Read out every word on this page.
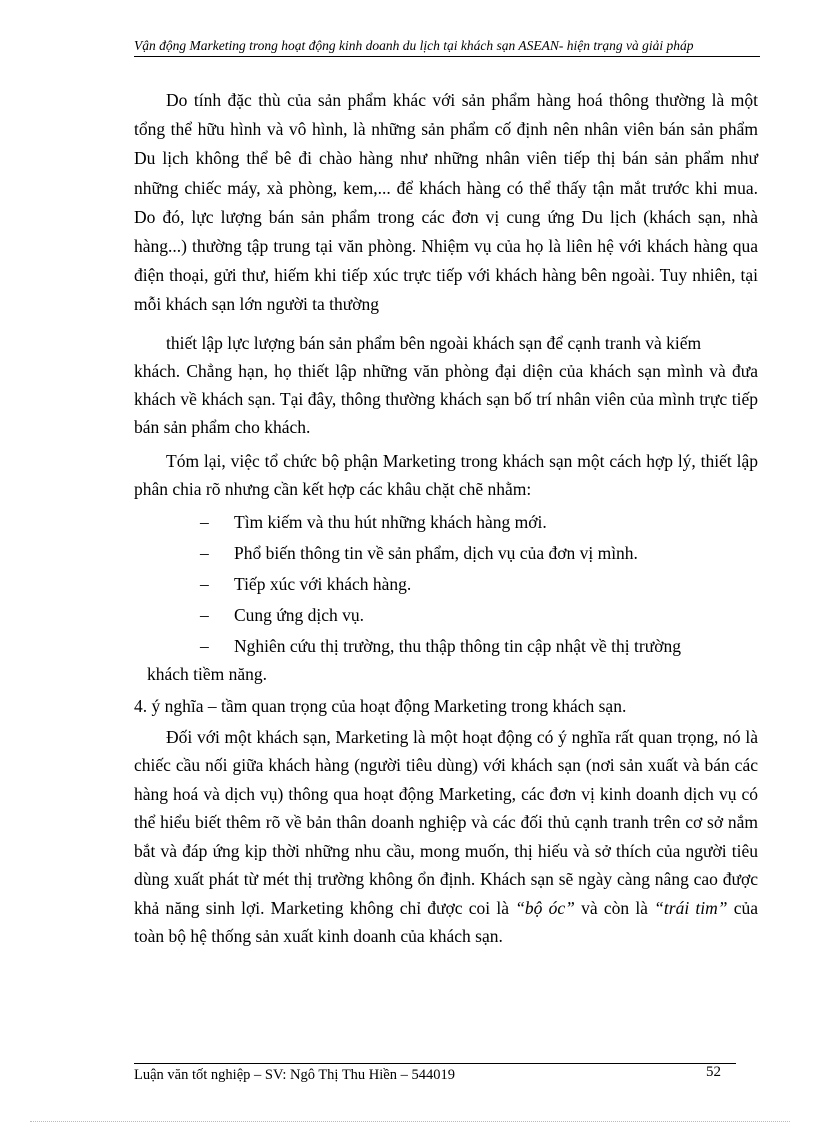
Vận động Marketing trong hoạt động kinh doanh du lịch tại khách sạn ASEAN- hiện trạng và giải pháp

Do tính đặc thù của sản phẩm khác với sản phẩm hàng hoá thông thường là một tổng thể hữu hình và vô hình, là những sản phẩm cố định nên nhân viên bán sản phẩm Du lịch không thể bê đi chào hàng như những nhân viên tiếp thị bán sản phẩm như những chiếc máy, xà phòng, kem,... để khách hàng có thể thấy tận mắt trước khi mua. Do đó, lực lượng bán sản phẩm trong các đơn vị cung ứng Du lịch (khách sạn, nhà hàng...) thường tập trung tại văn phòng. Nhiệm vụ của họ là liên hệ với khách hàng qua điện thoại, gửi thư, hiếm khi tiếp xúc trực tiếp với khách hàng bên ngoài. Tuy nhiên, tại mỗi khách sạn lớn người ta thường

thiết lập lực lượng bán sản phẩm bên ngoài khách sạn để cạnh tranh và kiếm
khách. Chẳng hạn, họ thiết lập những văn phòng đại diện của khách sạn mình và đưa khách về khách sạn. Tại đây, thông thường khách sạn bố trí nhân viên của mình trực tiếp bán sản phẩm cho khách.

Tóm lại, việc tổ chức bộ phận Marketing trong khách sạn một cách hợp lý, thiết lập phân chia rõ nhưng cần kết hợp các khâu chặt chẽ nhằm:

– Tìm kiếm và thu hút những khách hàng mới.
– Phổ biến thông tin về sản phẩm, dịch vụ của đơn vị mình.
– Tiếp xúc với khách hàng.
– Cung ứng dịch vụ.
–	Nghiên cứu thị trường, thu thập thông tin cập nhật về thị trường
khách tiềm năng.

4. ý nghĩa – tầm quan trọng của hoạt động Marketing trong khách sạn.

Đối với một khách sạn, Marketing là một hoạt động có ý nghĩa rất quan trọng, nó là chiếc cầu nối giữa khách hàng (người tiêu dùng) với khách sạn (nơi sản xuất và bán các hàng hoá và dịch vụ) thông qua hoạt động Marketing, các đơn vị kinh doanh dịch vụ có thể hiểu biết thêm rõ về bản thân doanh nghiệp và các đối thủ cạnh tranh trên cơ sở nắm bắt và đáp ứng kịp thời những nhu cầu, mong muốn, thị hiếu và sở thích của người tiêu dùng xuất phát từ mét thị trường không ổn định. Khách sạn sẽ ngày càng nâng cao được khả năng sinh lợi. Marketing không chỉ được coi là “bộ óc” và còn là “trái tim” của toàn bộ hệ thống sản xuất kinh doanh của khách sạn.

Luận văn tốt nghiệp – SV: Ngô Thị Thu Hiền – 544019	52
